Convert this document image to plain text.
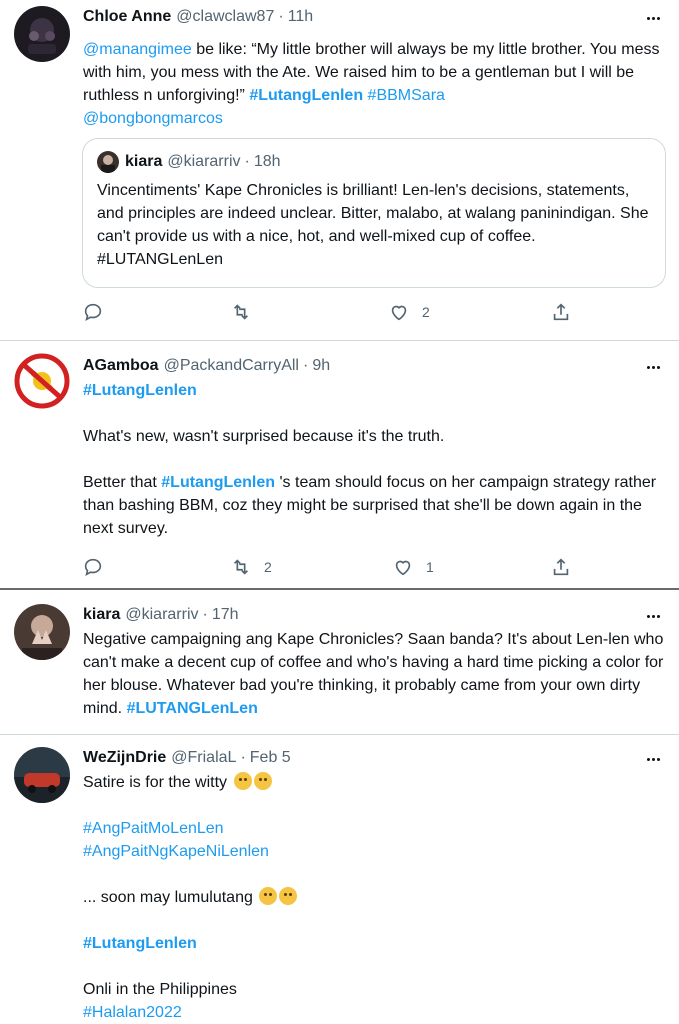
Chloe Anne @clawclaw87 · 11h

@manangimee be like: “My little brother will always be my little brother. You mess with him, you mess with the Ate. We raised him to be a gentleman but I will be ruthless n unforgiving!” #LutangLenlen #BBMSara
@bongbongmarcos

kiara @kiararriv · 18h

Vincentiments' Kape Chronicles is brilliant! Len-len's decisions, statements, and principles are indeed unclear. Bitter, malabo, at walang paninindigan. She can't provide us with a nice, hot, and well-mixed cup of coffee. #LUTANGLenLen

2
AGamboa @PackandCarryAll · 9h

#LutangLenlen

What's new, wasn't surprised because it's the truth.

Better that #LutangLenlen 's team should focus on her campaign strategy rather than bashing BBM, coz they might be surprised that she'll be down again in the next survey.

2	1
kiara @kiararriv · 17h

Negative campaigning ang Kape Chronicles? Saan banda? It's about Len-len who can't make a decent cup of coffee and who's having a hard time picking a color for her blouse. Whatever bad you're thinking, it probably came from your own dirty mind. #LUTANGLenLen

WeZijnDrie @FrialaL · Feb 5

Satire is for the witty

#AngPaitMoLenLen
#AngPaitNgKapeNiLenlen

... soon may lumulutang

#LutangLenlen

Onli in the Philippines
#Halalan2022
